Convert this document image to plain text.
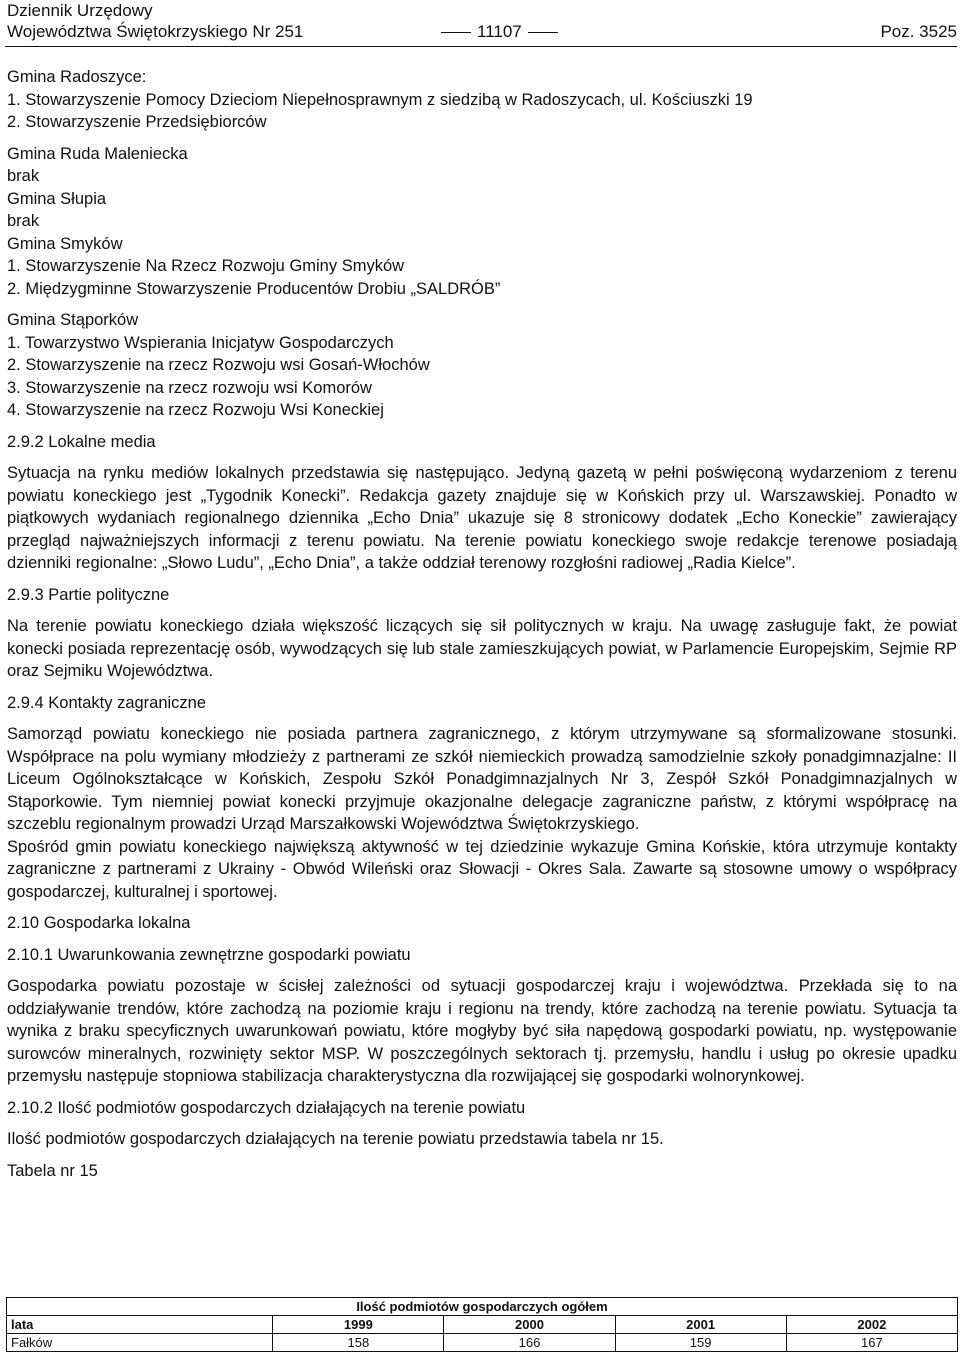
Dziennik Urzędowy
Województwa Świętokrzyskiego Nr 251	11107	Poz. 3525
Gmina Radoszyce:
1. Stowarzyszenie Pomocy Dzieciom Niepełnosprawnym z siedzibą w Radoszycach, ul. Kościuszki 19
2. Stowarzyszenie Przedsiębiorców
Gmina Ruda Maleniecka
brak
Gmina Słupia
brak
Gmina Smyków
1. Stowarzyszenie Na Rzecz Rozwoju Gminy Smyków
2. Międzygminne Stowarzyszenie Producentów Drobiu „SALDRÓB”
Gmina Stąporków
1. Towarzystwo Wspierania Inicjatyw Gospodarczych
2. Stowarzyszenie na rzecz Rozwoju wsi Gosań-Włochów
3. Stowarzyszenie na rzecz rozwoju wsi Komorów
4. Stowarzyszenie na rzecz Rozwoju Wsi Koneckiej
2.9.2 Lokalne media
Sytuacja na rynku mediów lokalnych przedstawia się następująco. Jedyną gazetą w pełni poświęconą wydarzeniom z terenu powiatu koneckiego jest „Tygodnik Konecki”. Redakcja gazety znajduje się w Końskich przy ul. Warszawskiej. Ponadto w piątkowych wydaniach regionalnego dziennika „Echo Dnia” ukazuje się 8 stronicowy dodatek „Echo Koneckie” zawierający przegląd najważniejszych informacji z terenu powiatu. Na terenie powiatu koneckiego swoje redakcje terenowe posiadają dzienniki regionalne: „Słowo Ludu”, „Echo Dnia”, a także oddział terenowy rozgłośni radiowej „Radia Kielce”.
2.9.3 Partie polityczne
Na terenie powiatu koneckiego działa większość liczących się sił politycznych w kraju. Na uwagę zasługuje fakt, że powiat konecki posiada reprezentację osób, wywodzących się lub stale zamieszkujących powiat, w Parlamencie Europejskim, Sejmie RP oraz Sejmiku Województwa.
2.9.4 Kontakty zagraniczne
Samorząd powiatu koneckiego nie posiada partnera zagranicznego, z którym utrzymywane są sformalizowane stosunki. Współprace na polu wymiany młodzieży z partnerami ze szkół niemieckich prowadzą samodzielnie szkoły ponadgimnazjalne: II Liceum Ogólnokształcące w Końskich, Zespołu Szkół Ponadgimnazjalnych Nr 3, Zespół Szkół Ponadgimnazjalnych w Stąporkowie. Tym niemniej powiat konecki przyjmuje okazjonalne delegacje zagraniczne państw, z którymi współpracę na szczeblu regionalnym prowadzi Urząd Marszałkowski Województwa Świętokrzyskiego.
Spośród gmin powiatu koneckiego największą aktywność w tej dziedzinie wykazuje Gmina Końskie, która utrzymuje kontakty zagraniczne z partnerami z Ukrainy - Obwód Wileński oraz Słowacji - Okres Sala. Zawarte są stosowne umowy o współpracy gospodarczej, kulturalnej i sportowej.
2.10 Gospodarka lokalna
2.10.1 Uwarunkowania zewnętrzne gospodarki powiatu
Gospodarka powiatu pozostaje w ścisłej zależności od sytuacji gospodarczej kraju i województwa. Przekłada się to na oddziaływanie trendów, które zachodzą na poziomie kraju i regionu na trendy, które zachodzą na terenie powiatu. Sytuacja ta wynika z braku specyficznych uwarunkowań powiatu, które mogłyby być siła napędową gospodarki powiatu, np. występowanie surowców mineralnych, rozwinięty sektor MSP. W poszczególnych sektorach tj. przemysłu, handlu i usług po okresie upadku przemysłu następuje stopniowa stabilizacja charakterystyczna dla rozwijającej się gospodarki wolnorynkowej.
2.10.2 Ilość podmiotów gospodarczych działających na terenie powiatu
Ilość podmiotów gospodarczych działających na terenie powiatu przedstawia tabela nr 15.
Tabela nr 15
Ilość podmiotów gospodarczych ogółem				
lata	1999	2000	2001	2002
Fałków	158	166	159	167
